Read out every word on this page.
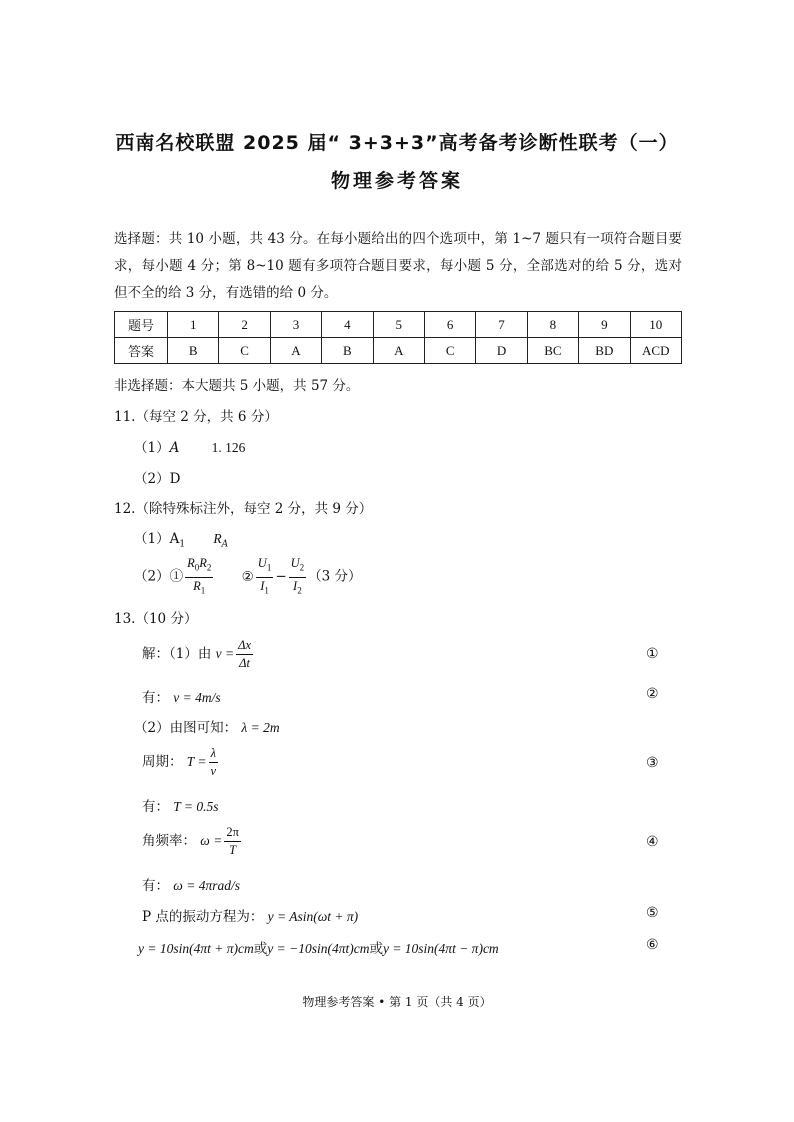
西南名校联盟 2025 届“ 3+3+3”高考备考诊断性联考（一）
物理参考答案
选择题：共 10 小题，共 43 分。在每小题给出的四个选项中，第 1~7 题只有一项符合题目要求，每小题 4 分；第 8~10 题有多项符合题目要求，每小题 5 分，全部选对的给 5 分，选对但不全的给 3 分，有选错的给 0 分。
题号	1	2	3	4	5	6	7	8	9	10
答案	B	C	A	B	A	C	D	BC	BD	ACD
非选择题：本大题共 5 小题，共 57 分。
11.（每空 2 分，共 6 分）
（1）A 1. 126
（2）D
12.（除特殊标注外，每空 2 分，共 9 分）
$(1)A_1$ $R_A$
（2）① $\frac{R_0R_2}{R_1}$ ② $\frac{U_1}{I_1} - \frac{U_2}{I_2} (3$ 分）
13.（10 分）
解：（1）由 $v = \frac{\Delta x}{\Delta t}$	①
有： v = 4m/s	②
（2）由图可知： λ = 2m
周期： $T = \frac{\lambda}{v}$	③
有： T = 0.5s
角频率： $\omega = \frac{2\pi}{T}$	④
有： ω = 4πrad/s
P 点的振动方程为： y = Asin(ωt + π)	⑤
y = 10sin(4πt + π)cm或y = −10sin(4πt)cm或y = 10sin(4πt − π)cm	⑥
物理参考答案 • 第 1 页（共 4 页）
